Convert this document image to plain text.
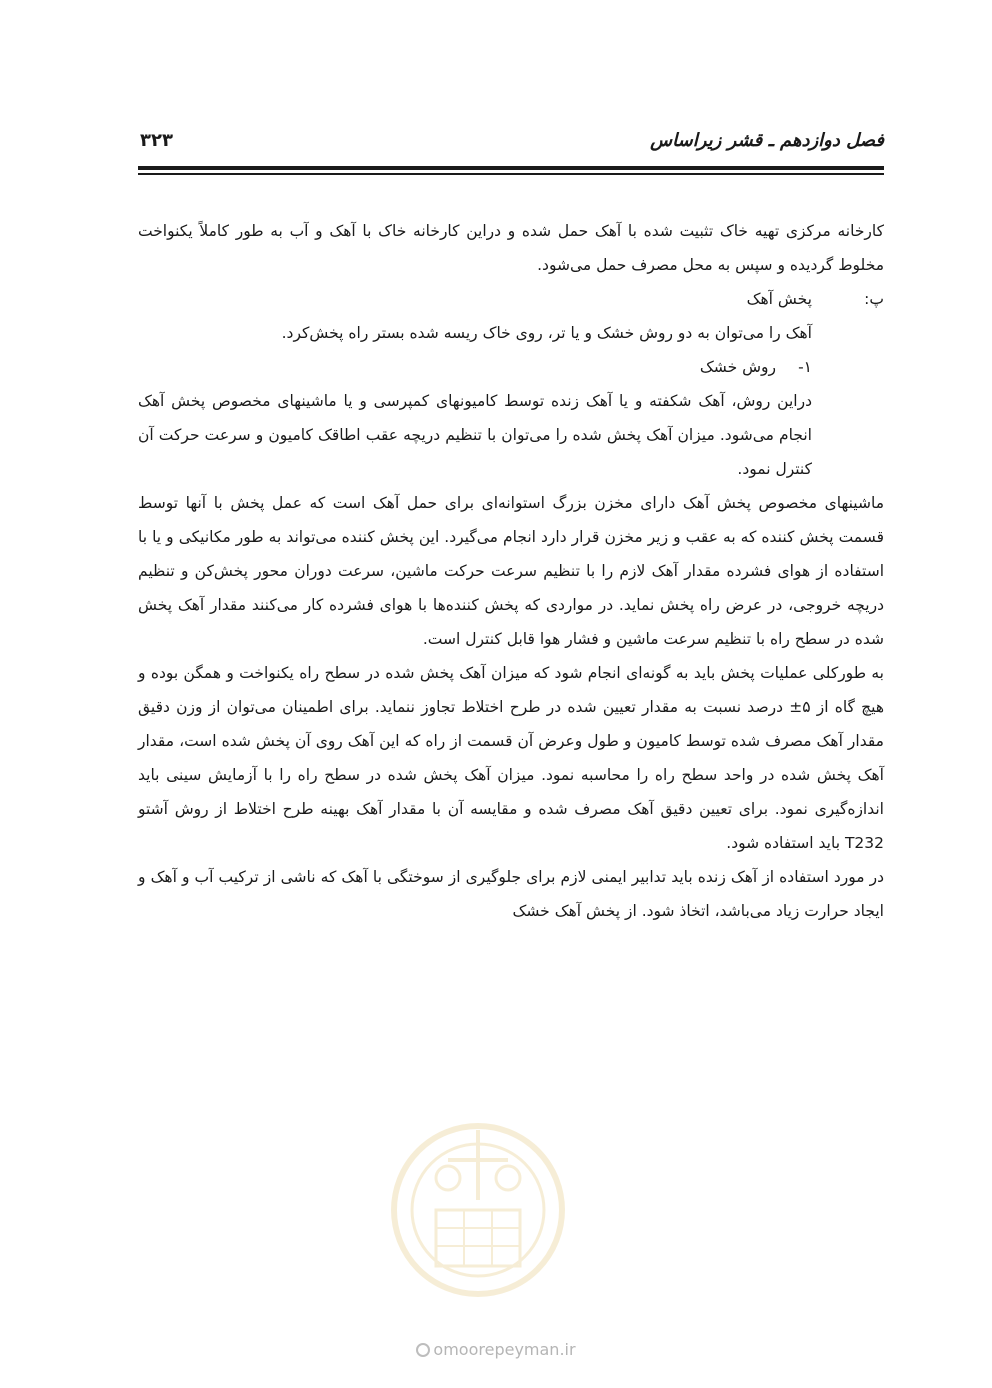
فصل دوازدهم ـ قشر زیراساس
۳۲۳

کارخانه مرکزی تهیه خاک تثبیت شده با آهک حمل شده و دراین کارخانه خاک با آهک و آب به طور کاملاً یکنواخت مخلوط گردیده و سپس به محل مصرف حمل می‌شود.

پ:
پخش آهک

آهک را می‌توان به دو روش خشک و یا تر، روی خاک ریسه شده بستر راه پخش‌کرد.

۱-
روش خشک

دراین روش، آهک شکفته و یا آهک زنده توسط کامیونهای کمپرسی و یا ماشینهای مخصوص پخش آهک انجام می‌شود. میزان آهک پخش شده را می‌توان با تنظیم دریچه عقب اطاقک کامیون و سرعت حرکت آن کنترل نمود.

ماشینهای مخصوص پخش آهک دارای مخزن بزرگ استوانه‌ای برای حمل آهک است که عمل پخش با آنها توسط قسمت پخش کننده که به عقب و زیر مخزن قرار دارد انجام می‌گیرد. این پخش کننده می‌تواند به طور مکانیکی و یا با استفاده از هوای فشرده مقدار آهک لازم را با تنظیم سرعت حرکت ماشین، سرعت دوران محور پخش‌کن و تنظیم دریچه خروجی، در عرض راه پخش نماید. در مواردی که پخش کننده‌ها با هوای فشرده کار می‌کنند مقدار آهک پخش شده در سطح راه با تنظیم سرعت ماشین و فشار هوا قابل کنترل است.

به طورکلی عملیات پخش باید به گونه‌ای انجام شود که میزان آهک پخش شده در سطح راه یکنواخت و همگن بوده و هیچ گاه از ۵± درصد نسبت به مقدار تعیین شده در طرح اختلاط تجاوز ننماید. برای اطمینان می‌توان از وزن دقیق مقدار آهک مصرف شده توسط کامیون و طول وعرض آن قسمت از راه که این آهک روی آن پخش شده است، مقدار آهک پخش شده در واحد سطح راه را محاسبه نمود. میزان آهک پخش شده در سطح راه را با آزمایش سینی باید اندازه‌گیری نمود. برای تعیین دقیق آهک مصرف شده و مقایسه آن با مقدار آهک بهینه طرح اختلاط از روش آشتو T232 باید استفاده شود.

در مورد استفاده از آهک زنده باید تدابیر ایمنی لازم برای جلوگیری از سوختگی با آهک که ناشی از ترکیب آب و آهک و ایجاد حرارت زیاد می‌باشد، اتخاذ شود. از پخش آهک خشک

omoorepeyman.ir
